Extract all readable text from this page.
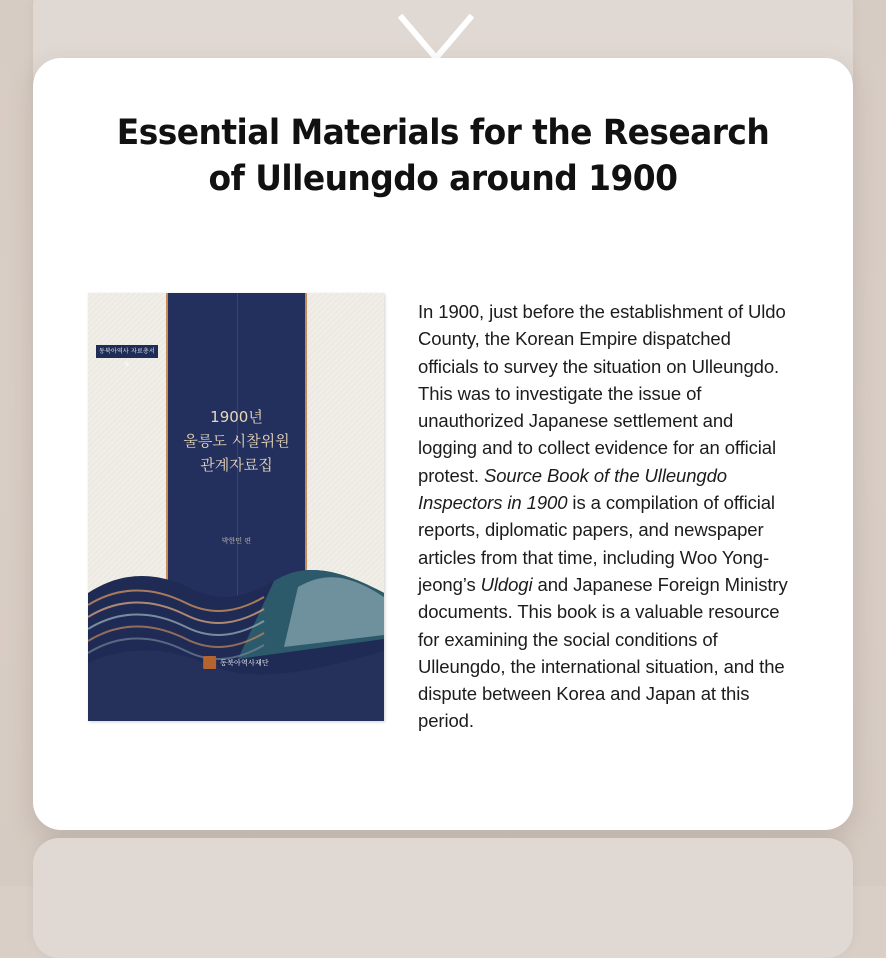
Essential Materials for the Research
of Ulleungdo around 1900
동북아역사 자료총서 6
1900년
울릉도 시찰위원
관계자료집
박한민 편
동북아역사재단
In 1900, just before the establishment of Uldo County, the Korean Empire dispatched officials to survey the situation on Ulleungdo. This was to investigate the issue of unauthorized Japanese settlement and logging and to collect evidence for an official protest. Source Book of the Ulleungdo Inspectors in 1900 is a compilation of official reports, diplomatic papers, and newspaper articles from that time, including Woo Yong-jeong’s Uldogi and Japanese Foreign Ministry documents. This book is a valuable resource for examining the social conditions of Ulleungdo, the international situation, and the dispute between Korea and Japan at this period.
